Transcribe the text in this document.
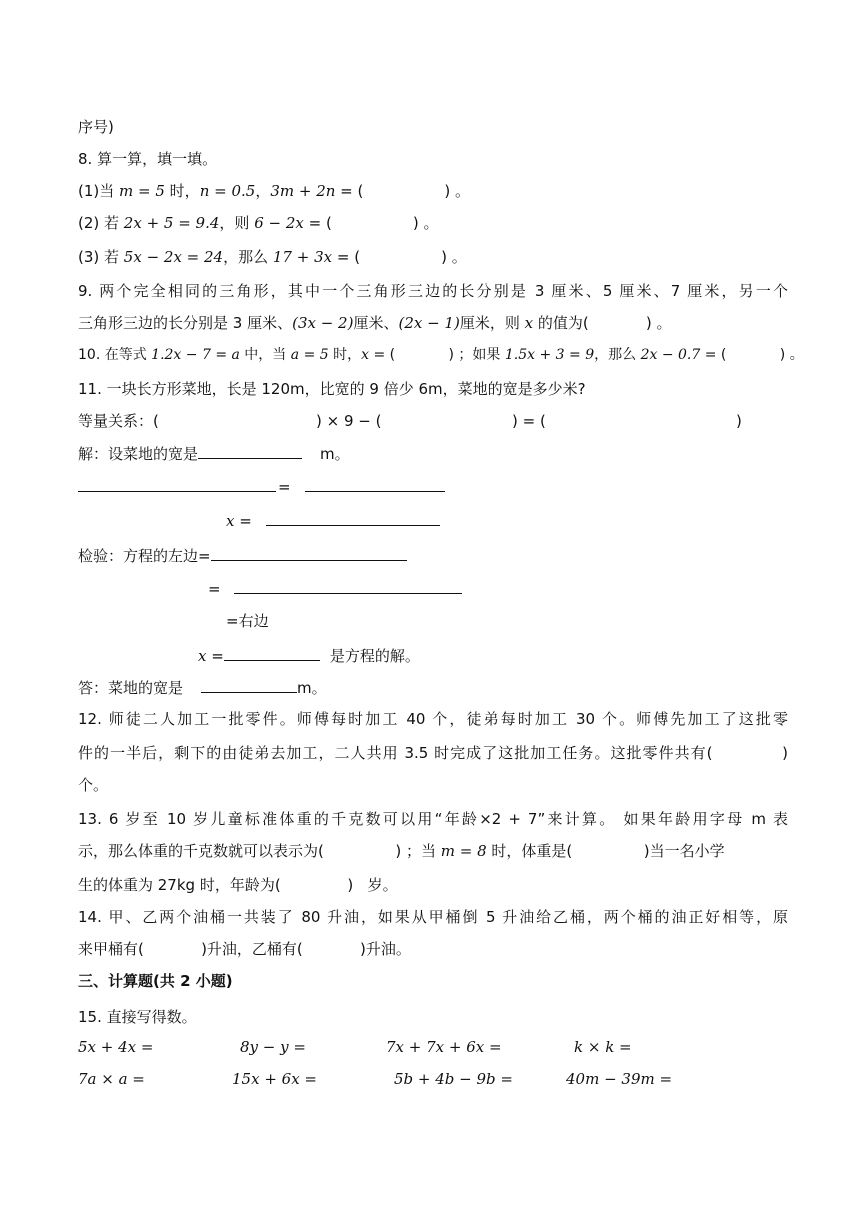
序号)
8. 算一算，填一填。
(1)当 m = 5 时，n = 0.5，3m + 2n = (                 ) 。
(2) 若 2x + 5 = 9.4，则 6 − 2x = (                 ) 。
(3) 若 5x − 2x = 24，那么 17 + 3x = (                 ) 。
9. 两个完全相同的三角形，其中一个三角形三边的长分别是 3 厘米、5 厘米、7 厘米，另一个
三角形三边的长分别是 3 厘米、(3x − 2)厘米、(2x − 1)厘米，则 x 的值为(            ) 。
10. 在等式 1.2x − 7 = a 中，当 a = 5 时，x = (            ) ；如果 1.5x + 3 = 9，那么 2x − 0.7 = (            ) 。
11. 一块长方形菜地，长是 120m，比宽的 9 倍少 6m，菜地的宽是多少米?
等量关系：(	) × 9 − (	) = (	)
解：设菜地的宽是	m。
=
x =
检验：方程的左边=
=
=右边
x =	是方程的解。
答：菜地的宽是	m。
12. 师徒二人加工一批零件。师傅每时加工 40 个，徒弟每时加工 30 个。师傅先加工了这批零
件的一半后，剩下的由徒弟去加工，二人共用 3.5 时完成了这批加工任务。这批零件共有(            )
个。
13. 6 岁至 10 岁儿童标准体重的千克数可以用“年龄×2 + 7”来计算。 如果年龄用字母 m 表
示，那么体重的千克数就可以表示为(               ) ；当 m = 8 时，体重是(               )当一名小学
生的体重为 27kg 时，年龄为(              )   岁。
14. 甲、乙两个油桶一共装了 80 升油，如果从甲桶倒 5 升油给乙桶，两个桶的油正好相等，原
来甲桶有(            )升油，乙桶有(            )升油。
三、计算题(共 2 小题)
15. 直接写得数。
5x + 4x =	8y − y =	7x + 7x + 6x =	k × k =
7a × a =	15x + 6x =	5b + 4b − 9b =	40m − 39m =
